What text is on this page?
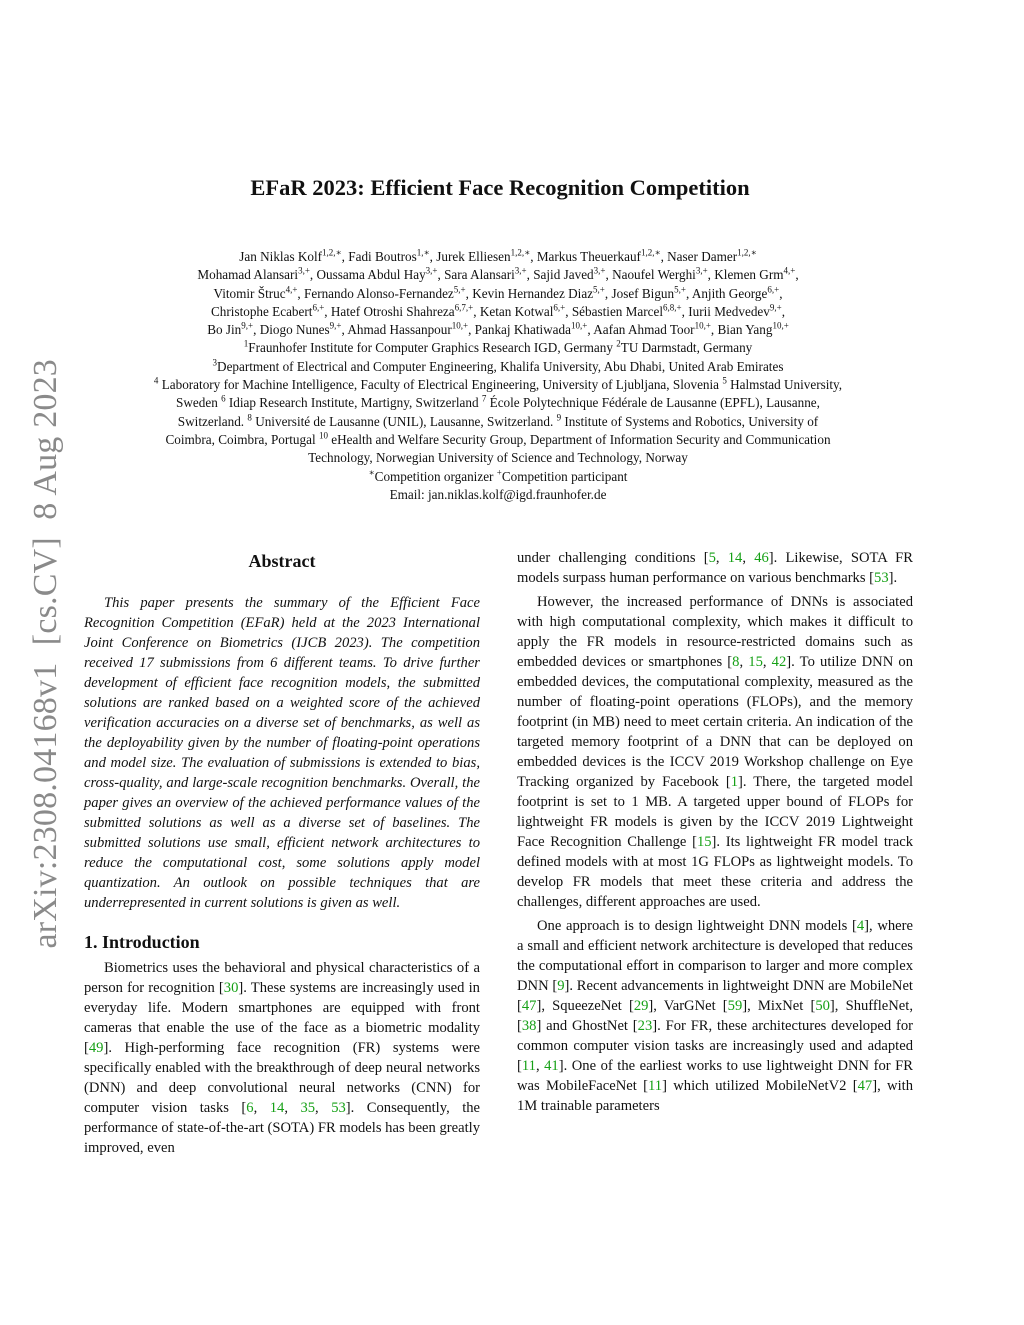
arXiv:2308.04168v1  [cs.CV]  8 Aug 2023
EFaR 2023: Efficient Face Recognition Competition
Jan Niklas Kolf$^{1,2,∗}$, Fadi Boutros$^{1,∗}$, Jurek Elliesen$^{1,2,∗}$, Markus Theuerkauf$^{1,2,∗}$, Naser Damer$^{1,2,∗}$
Mohamad Alansari$^{3,+}$, Oussama Abdul Hay$^{3,+}$, Sara Alansari$^{3,+}$, Sajid Javed$^{3,+}$, Naoufel Werghi$^{3,+}$, Klemen Grm$^{4,+}$,
Vitomir Štruc$^{4,+}$, Fernando Alonso-Fernandez$^{5,+}$, Kevin Hernandez Diaz$^{5,+}$, Josef Bigun$^{5,+}$, Anjith George$^{6,+}$,
Christophe Ecabert$^{6,+}$, Hatef Otroshi Shahreza$^{6,7,+}$, Ketan Kotwal$^{6,+}$, Sébastien Marcel$^{6,8,+}$, Iurii Medvedev$^{9,+}$,
Bo Jin$^{9,+}$, Diogo Nunes$^{9,+}$, Ahmad Hassanpour$^{10,+}$, Pankaj Khatiwada$^{10,+}$, Aafan Ahmad Toor$^{10,+}$, Bian Yang$^{10,+}$
$^1$Fraunhofer Institute for Computer Graphics Research IGD, Germany $^2$TU Darmstadt, Germany
$^3$Department of Electrical and Computer Engineering, Khalifa University, Abu Dhabi, United Arab Emirates
$^4$ Laboratory for Machine Intelligence, Faculty of Electrical Engineering, University of Ljubljana, Slovenia $^5$ Halmstad University,
Sweden $^6$ Idiap Research Institute, Martigny, Switzerland $^7$ École Polytechnique Fédérale de Lausanne (EPFL), Lausanne,
Switzerland. $^8$ Université de Lausanne (UNIL), Lausanne, Switzerland. $^9$ Institute of Systems and Robotics, University of
Coimbra, Coimbra, Portugal $^{10}$ eHealth and Welfare Security Group, Department of Information Security and Communication
Technology, Norwegian University of Science and Technology, Norway
∗Competition organizer +Competition participant
Email: jan.niklas.kolf@igd.fraunhofer.de
Abstract

This paper presents the summary of the Efficient Face Recognition Competition (EFaR) held at the 2023 International Joint Conference on Biometrics (IJCB 2023). The competition received 17 submissions from 6 different teams. To drive further development of efficient face recognition models, the submitted solutions are ranked based on a weighted score of the achieved verification accuracies on a diverse set of benchmarks, as well as the deployability given by the number of floating-point operations and model size. The evaluation of submissions is extended to bias, cross-quality, and large-scale recognition benchmarks. Overall, the paper gives an overview of the achieved performance values of the submitted solutions as well as a diverse set of baselines. The submitted solutions use small, efficient network architectures to reduce the computational cost, some solutions apply model quantization. An outlook on possible techniques that are underrepresented in current solutions is given as well.

1. Introduction

Biometrics uses the behavioral and physical characteristics of a person for recognition [30]. These systems are increasingly used in everyday life. Modern smartphones are equipped with front cameras that enable the use of the face as a biometric modality [49]. High-performing face recognition (FR) systems were specifically enabled with the breakthrough of deep neural networks (DNN) and deep convolutional neural networks (CNN) for computer vision tasks [6, 14, 35, 53]. Consequently, the performance of state-of-the-art (SOTA) FR models has been greatly improved, even

under challenging conditions [5, 14, 46]. Likewise, SOTA FR models surpass human performance on various benchmarks [53].

However, the increased performance of DNNs is associated with high computational complexity, which makes it difficult to apply the FR models in resource-restricted domains such as embedded devices or smartphones [8, 15, 42]. To utilize DNN on embedded devices, the computational complexity, measured as the number of floating-point operations (FLOPs), and the memory footprint (in MB) need to meet certain criteria. An indication of the targeted memory footprint of a DNN that can be deployed on embedded devices is the ICCV 2019 Workshop challenge on Eye Tracking organized by Facebook [1]. There, the targeted model footprint is set to 1 MB. A targeted upper bound of FLOPs for lightweight FR models is given by the ICCV 2019 Lightweight Face Recognition Challenge [15]. Its lightweight FR model track defined models with at most 1G FLOPs as lightweight models. To develop FR models that meet these criteria and address the challenges, different approaches are used.

One approach is to design lightweight DNN models [4], where a small and efficient network architecture is developed that reduces the computational effort in comparison to larger and more complex DNN [9]. Recent advancements in lightweight DNN are MobileNet [47], SqueezeNet [29], VarGNet [59], MixNet [50], ShuffleNet, [38] and GhostNet [23]. For FR, these architectures developed for common computer vision tasks are increasingly used and adapted [11, 41]. One of the earliest works to use lightweight DNN for FR was MobileFaceNet [11] which utilized MobileNetV2 [47], with 1M trainable parameters
